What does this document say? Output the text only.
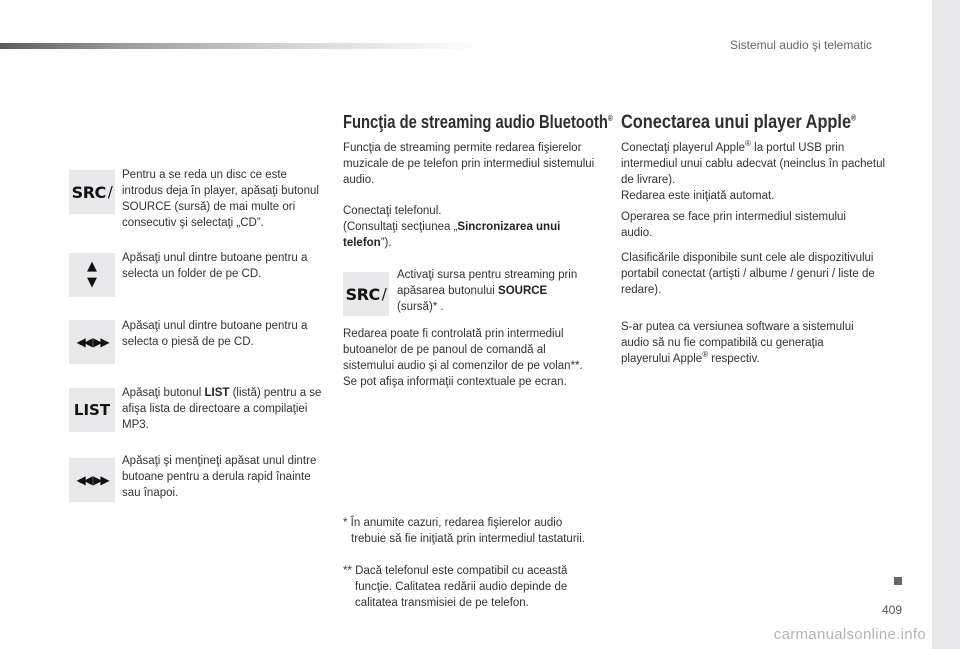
Sistemul audio şi telematic
SRC /
Pentru a se reda un disc ce este introdus deja în player, apăsaţi butonul SOURCE (sursă) de mai multe ori consecutiv şi selectaţi „CD”.
▲
▼
Apăsaţi unul dintre butoane pentru a selecta un folder de pe CD.
◀◀ ▶▶
Apăsaţi unul dintre butoane pentru a selecta o piesă de pe CD.
LIST
Apăsaţi butonul LIST (listă) pentru a se afişa lista de directoare a compilaţiei MP3.
◀◀ ▶▶
Apăsaţi şi menţineţi apăsat unul dintre butoane pentru a derula rapid înainte sau înapoi.
Funcţia de streaming audio Bluetooth®
Funcţia de streaming permite redarea fişierelor muzicale de pe telefon prin intermediul sistemului audio.
Conectaţi telefonul.
(Consultaţi secţiunea „Sincronizarea unui telefon”).
SRC /
Activaţi sursa pentru streaming prin apăsarea butonului SOURCE (sursă)* .
Redarea poate fi controlată prin intermediul butoanelor de pe panoul de comandă al sistemului audio şi al comenzilor de pe volan**. Se pot afişa informaţii contextuale pe ecran.
* În anumite cazuri, redarea fişierelor audio trebuie să fie iniţiată prin intermediul tastaturii.
** Dacă telefonul este compatibil cu această funcţie. Calitatea redării audio depinde de calitatea transmisiei de pe telefon.
Conectarea unui player Apple®
Conectaţi playerul Apple® la portul USB prin intermediul unui cablu adecvat (neinclus în pachetul de livrare).
Redarea este iniţiată automat.
Operarea se face prin intermediul sistemului audio.
Clasificările disponibile sunt cele ale dispozitivului portabil conectat (artişti / albume / genuri / liste de redare).
S-ar putea ca versiunea software a sistemului audio să nu fie compatibilă cu generaţia playerului Apple® respectiv.
409
carmanualsonline.info
